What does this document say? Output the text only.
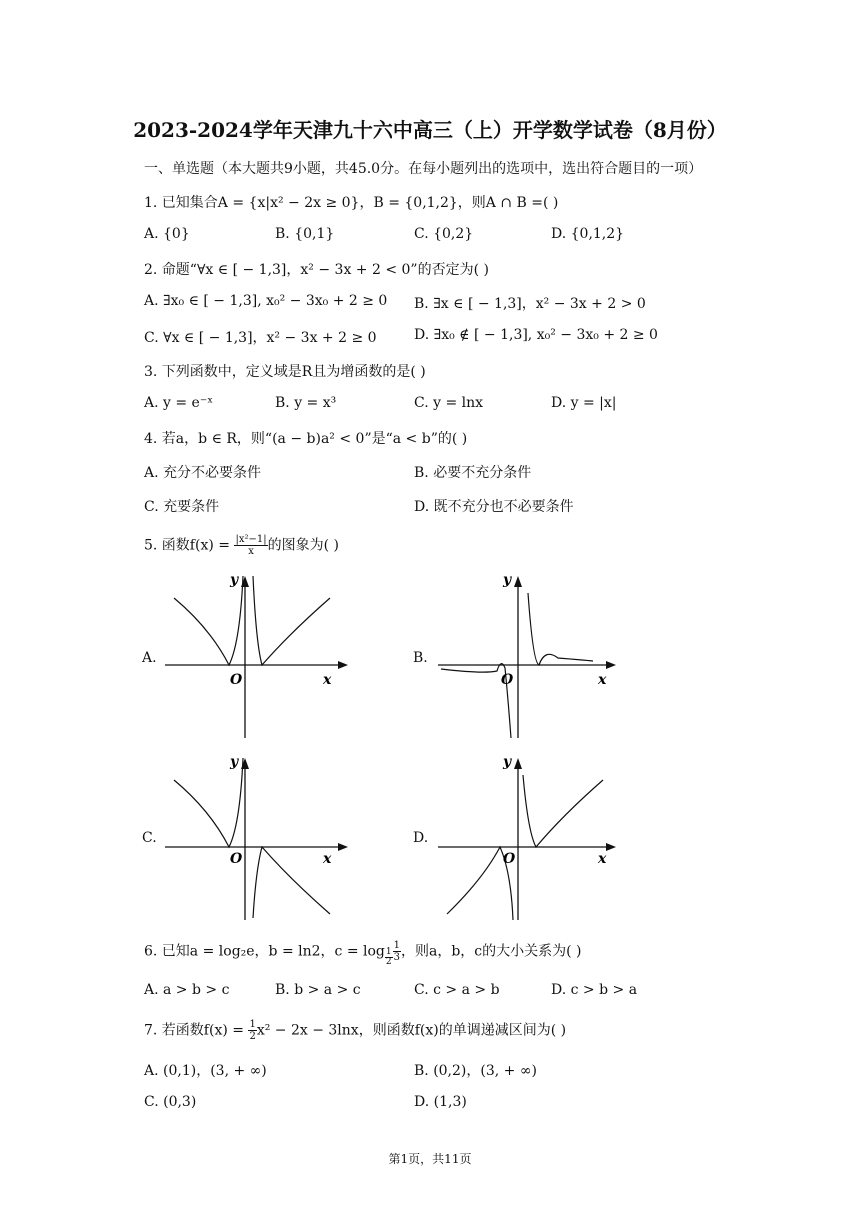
2023-2024学年天津九十六中高三（上）开学数学试卷（8月份）
一、单选题（本大题共9小题，共45.0分。在每小题列出的选项中，选出符合题目的一项）
1. 已知集合A = {x|x² − 2x ≥ 0}，B = {0,1,2}，则A ∩ B =( )
A. {0}	B. {0,1}	C. {0,2}	D. {0,1,2}
2. 命题“∀x ∈ [ − 1,3]，x² − 3x + 2 < 0”的否定为( )
A. ∃x₀ ∈ [ − 1,3], x₀² − 3x₀ + 2 ≥ 0 B. ∃x ∈ [ − 1,3]，x² − 3x + 2 > 0
C. ∀x ∈ [ − 1,3]，x² − 3x + 2 ≥ 0	D. ∃x₀ ∉ [ − 1,3], x₀² − 3x₀ + 2 ≥ 0
3. 下列函数中，定义域是R且为增函数的是( )
A. y = e⁻ˣ	B. y = x³	C. y = lnx	D. y = |x|
4. 若a，b ∈ R，则“(a − b)a² < 0”是“a < b”的( )
A. 充分不必要条件	B. 必要不充分条件
C. 充要条件	D. 既不充分也不必要条件
5. 函数$f(x) = \frac{\text{|x²−1|}}{x}$ 的图象为( )
A.	B.
C.	D.
y
x
O
y
x
O
y
x
O
y
x
O
6. 已知a = log₂e，b = ln2，$c = \log \frac{1}{2} \frac{1}{3}$ ，则a，b，c的大小关系为( )
A. a > b > c	B. b > a > c	C. c > a > b	D. c > b > a
7. 若函数$f(x) = \frac{1}{2} x^2 - 2x - 3\ln x$，则函数f(x)的单调递减区间为( )
A. (0,1)，(3, + ∞)	B. (0,2)，(3, + ∞)
C. (0,3)	D. (1,3)
第1页，共11页
